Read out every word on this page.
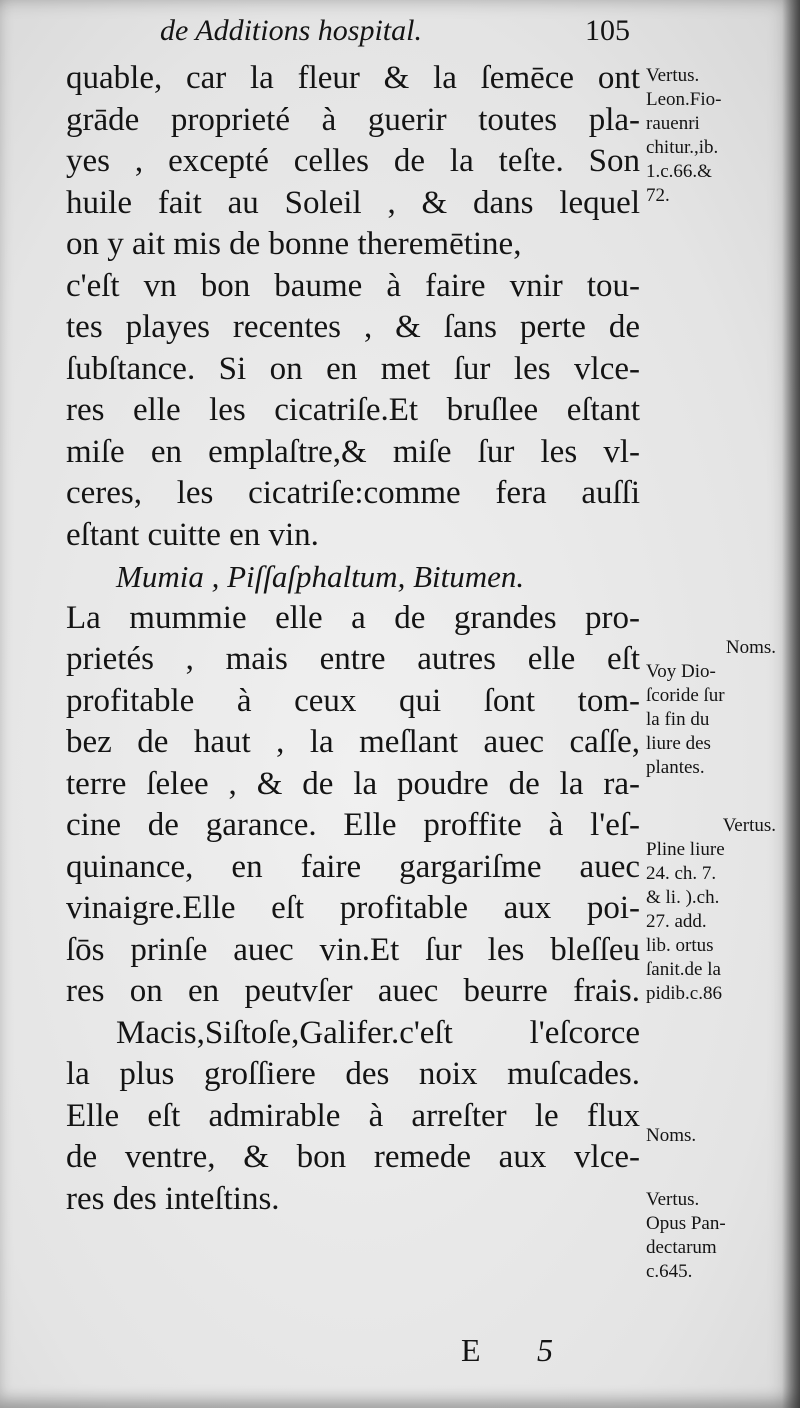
de Additions hospital.	105
quable, car la fleur & la ſemēce ont
grāde proprieté à guerir toutes pla-
yes , excepté celles de la teſte. Son
huile fait au Soleil , & dans lequel
on y ait mis de bonne theremētine,
c'eſt vn bon baume à faire vnir tou-
tes playes recentes , & ſans perte de
ſubſtance. Si on en met ſur les vlce-
res elle les cicatriſe.Et bruſlee eſtant
miſe en emplaſtre,& miſe ſur les vl-
ceres, les cicatriſe:comme fera auſſi
eſtant cuitte en vin.
Mumia , Piſſaſphaltum, Bitumen.
La mummie elle a de grandes pro-
prietés , mais entre autres elle eſt
profitable à ceux qui ſont tom-
bez de haut , la meſlant auec caſſe,
terre ſelee , & de la poudre de la ra-
cine de garance. Elle proffite à l'eſ-
quinance, en faire gargariſme auec
vinaigre.Elle eſt profitable aux poi-
ſōs prinſe auec vin.Et ſur les bleſſeu
res on en peutvſer auec beurre frais.
Macis,Siſtoſe,Galifer.c'eſt l'eſcorce
la plus groſſiere des noix muſcades.
Elle eſt admirable à arreſter le flux
de ventre, & bon remede aux vlce-
res des inteſtins.
Vertus.
Leon.Fio-
rauenri
chitur.,ib.
1.c.66.&
72.
Noms.
Voy Dio-
ſcoride ſur
la fin du
liure des
plantes.
Vertus.
Pline liure
24. ch. 7.
& li. ).ch.
27. add.
lib. ortus
ſanit.de la
pidib.c.86
Noms.
Vertus.
Opus Pan-
dectarum
c.645.
E 5
